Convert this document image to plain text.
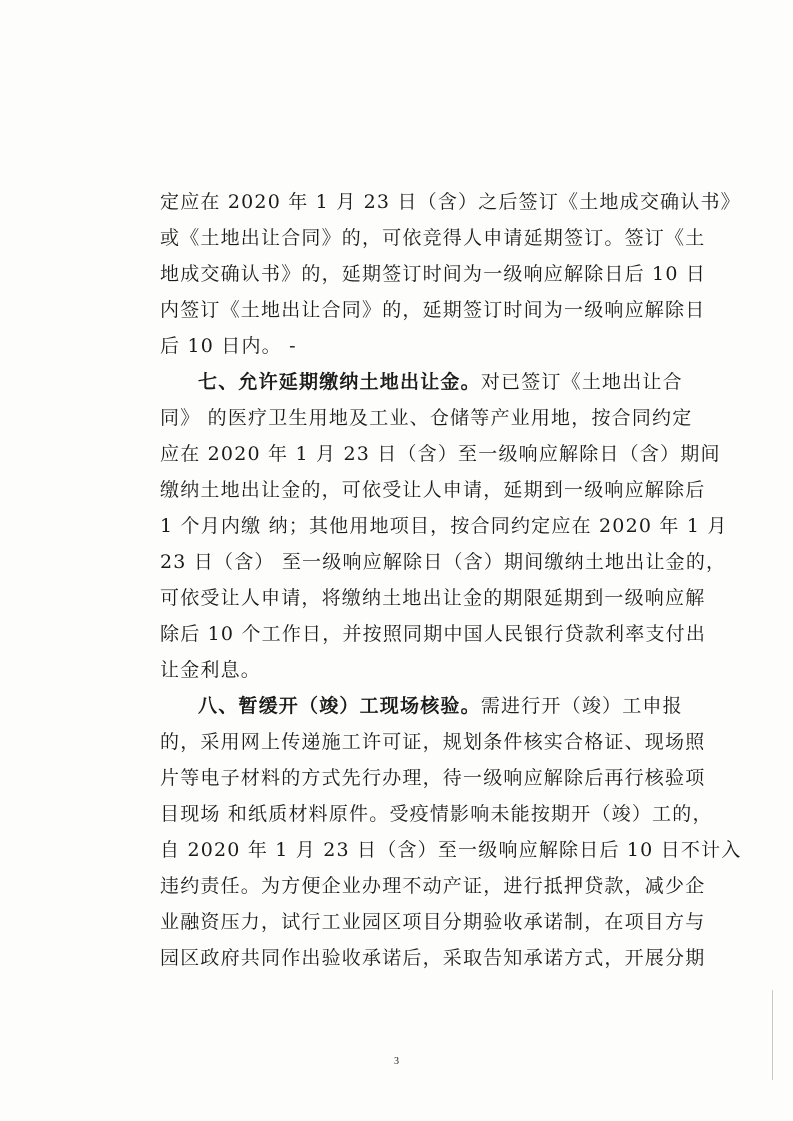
定应在 2020 年 1 月 23 日（含）之后签订《土地成交确认书》
或《土地出让合同》的，可依竞得人申请延期签订。签订《土
地成交确认书》的，延期签订时间为一级响应解除日后 10 日
内签订《土地出让合同》的，延期签订时间为一级响应解除日
后 10 日内。 -
七、允许延期缴纳土地出让金。对已签订《土地出让合
同》 的医疗卫生用地及工业、仓储等产业用地，按合同约定
应在 2020 年 1 月 23 日（含）至一级响应解除日（含）期间
缴纳土地出让金的，可依受让人申请，延期到一级响应解除后
1 个月内缴 纳；其他用地项目，按合同约定应在 2020 年 1 月
23 日（含） 至一级响应解除日（含）期间缴纳土地出让金的，
可依受让人申请，将缴纳土地出让金的期限延期到一级响应解
除后 10 个工作日，并按照同期中国人民银行贷款利率支付出
让金利息。
八、暂缓开（竣）工现场核验。需进行开（竣）工申报
的，采用网上传递施工许可证，规划条件核实合格证、现场照
片等电子材料的方式先行办理，待一级响应解除后再行核验项
目现场 和纸质材料原件。受疫情影响未能按期开（竣）工的，
自 2020 年 1 月 23 日（含）至一级响应解除日后 10 日不计入
违约责任。为方便企业办理不动产证，进行抵押贷款，减少企
业融资压力，试行工业园区项目分期验收承诺制，在项目方与
园区政府共同作出验收承诺后，采取告知承诺方式，开展分期
3
